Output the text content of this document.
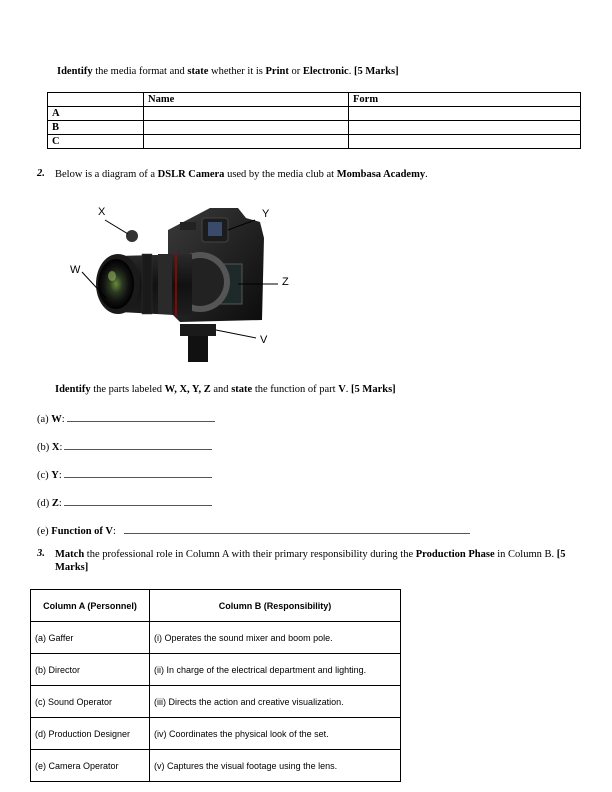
Identify the media format and state whether it is Print or Electronic. [5 Marks]
	Name	Form
A		
B		
C		
2. Below is a diagram of a DSLR Camera used by the media club at Mombasa Academy.
X	Y
W
Z
V
Identify the parts labeled W, X, Y, Z and state the function of part V. [5 Marks]
(a) W:
(b) X:
(c) Y:
(d) Z:
(e) Function of V:
3. Match the professional role in Column A with their primary responsibility during the Production Phase in Column B. [5 Marks]
Column A (Personnel)	Column B (Responsibility)
(a) Gaffer	(i) Operates the sound mixer and boom pole.
(b) Director	(ii) In charge of the electrical department and lighting.
(c) Sound Operator	(iii) Directs the action and creative visualization.
(d) Production Designer	(iv) Coordinates the physical look of the set.
(e) Camera Operator	(v) Captures the visual footage using the lens.
